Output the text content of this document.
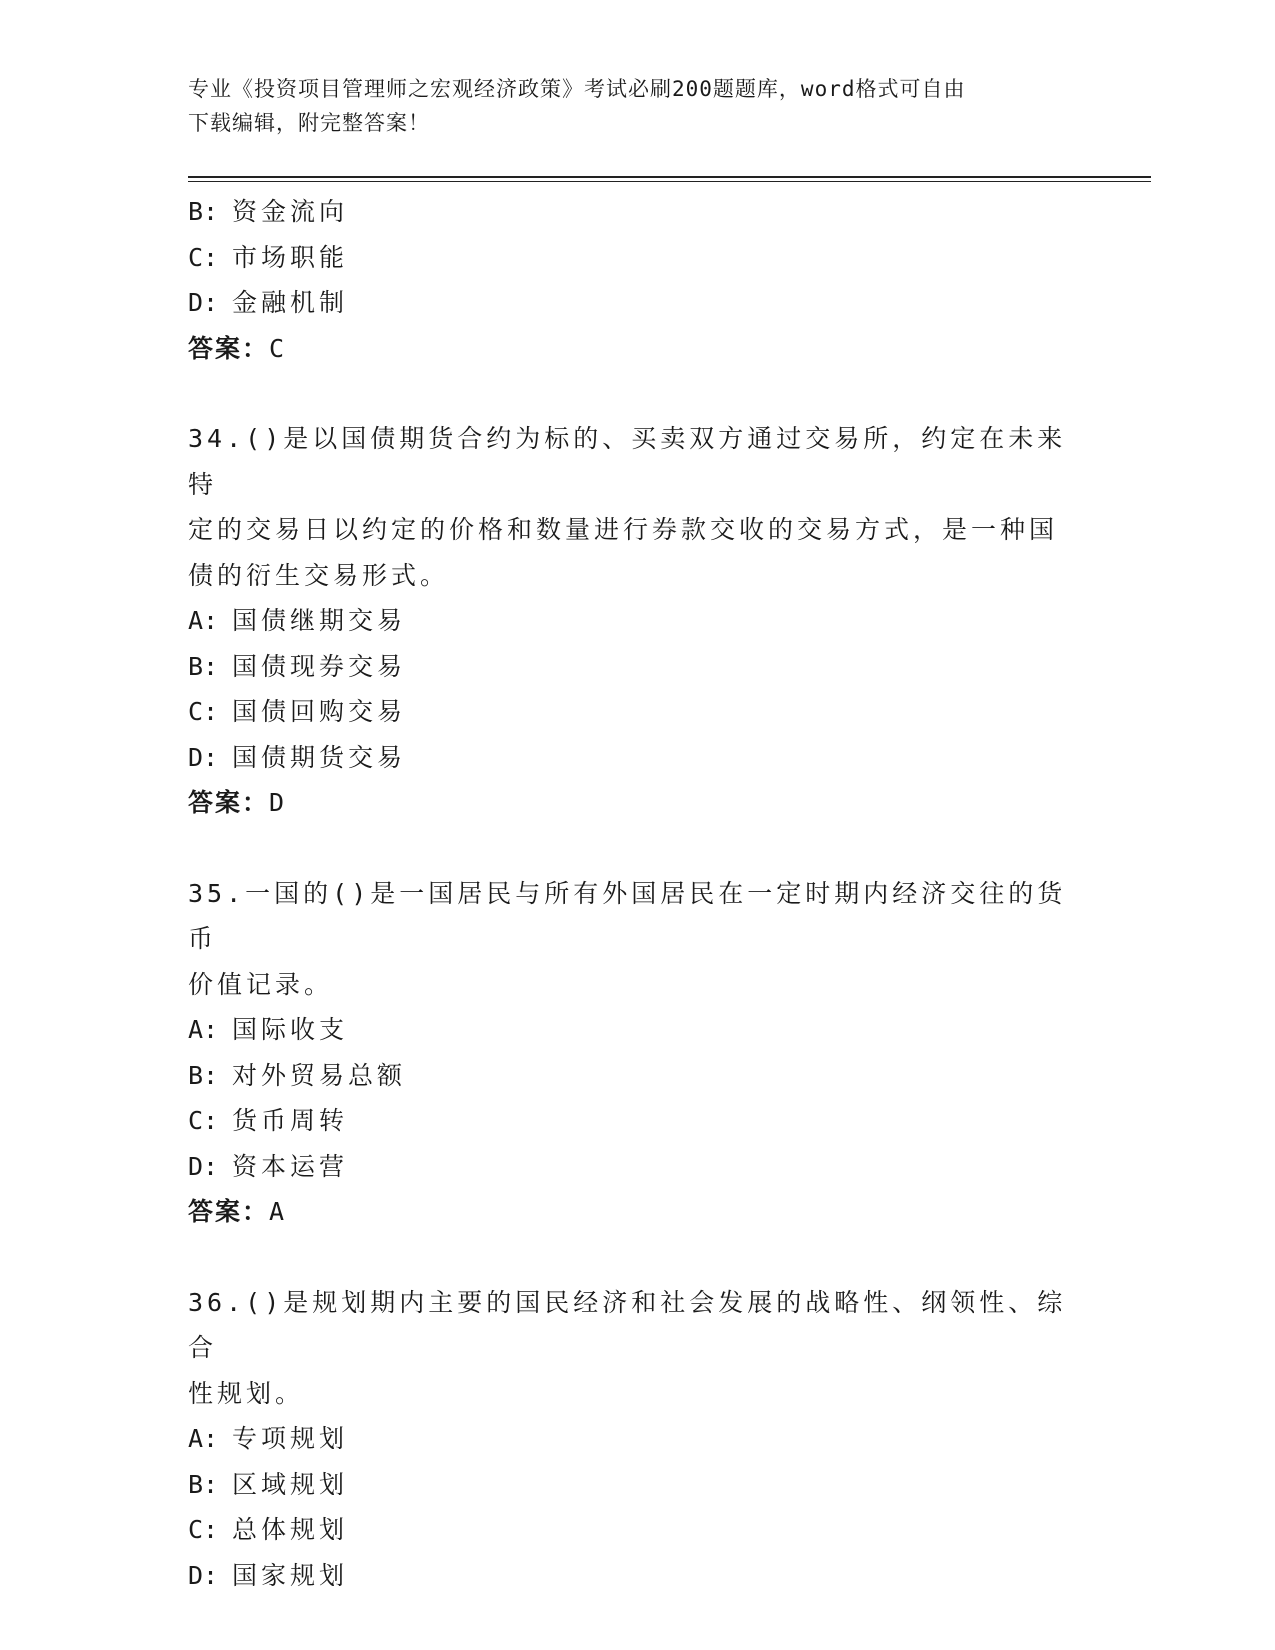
专业《投资项目管理师之宏观经济政策》考试必刷200题题库，word格式可自由
下载编辑，附完整答案！
B: 资金流向
C: 市场职能
D: 金融机制
答案：C
34.()是以国债期货合约为标的、买卖双方通过交易所，约定在未来特
定的交易日以约定的价格和数量进行券款交收的交易方式，是一种国
债的衍生交易形式。
A: 国债继期交易
B: 国债现券交易
C: 国债回购交易
D: 国债期货交易
答案：D
35.一国的()是一国居民与所有外国居民在一定时期内经济交往的货币
价值记录。
A: 国际收支
B: 对外贸易总额
C: 货币周转
D: 资本运营
答案：A
36.()是规划期内主要的国民经济和社会发展的战略性、纲领性、综合
性规划。
A: 专项规划
B: 区域规划
C: 总体规划
D: 国家规划
